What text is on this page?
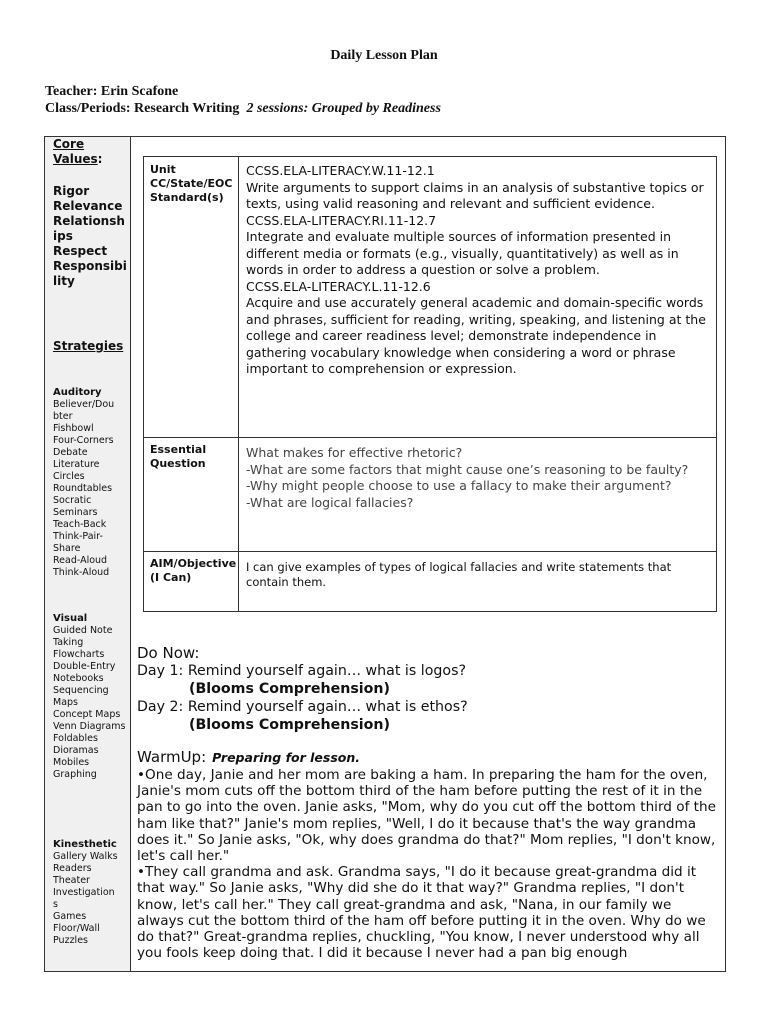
Daily Lesson Plan
Teacher: Erin Scafone
Class/Periods: Research Writing 2 sessions: Grouped by Readiness
Core Values:
Rigor
Relevance
Relationships
Respect
Responsibility
Strategies
Auditory
Believer/Dou
bter
Fishbowl
Four-Corners
Debate
Literature Circles
Roundtables
Socratic Seminars
Teach-Back
Think-Pair-Share
Read-Aloud
Think-Aloud
Visual
Guided Note Taking
Flowcharts
Double-Entry Notebooks
Sequencing Maps
Concept Maps
Venn Diagrams
Foldables
Dioramas
Mobiles
Graphing
Kinesthetic
Gallery Walks
Readers Theater
Investigation
s
Games
Floor/Wall Puzzles
Unit CC/State/EOC Standard(s)
CCSS.ELA-LITERACY.W.11-12.1
Write arguments to support claims in an analysis of substantive topics or texts, using valid reasoning and relevant and sufficient evidence.
CCSS.ELA-LITERACY.RI.11-12.7
Integrate and evaluate multiple sources of information presented in different media or formats (e.g., visually, quantitatively) as well as in words in order to address a question or solve a problem.
CCSS.ELA-LITERACY.L.11-12.6
Acquire and use accurately general academic and domain-specific words and phrases, sufficient for reading, writing, speaking, and listening at the college and career readiness level; demonstrate independence in gathering vocabulary knowledge when considering a word or phrase important to comprehension or expression.
Essential Question
What makes for effective rhetoric?
-What are some factors that might cause one’s reasoning to be faulty?
-Why might people choose to use a fallacy to make their argument?
-What are logical fallacies?
AIM/Objective (I Can)
I can give examples of types of logical fallacies and write statements that contain them.
Do Now:
Day 1: Remind yourself again… what is logos?
(Blooms Comprehension)
Day 2: Remind yourself again… what is ethos?
(Blooms Comprehension)
WarmUp: Preparing for lesson.
•One day, Janie and her mom are baking a ham. In preparing the ham for the oven, Janie's mom cuts off the bottom third of the ham before putting the rest of it in the pan to go into the oven. Janie asks, "Mom, why do you cut off the bottom third of the ham like that?" Janie's mom replies, "Well, I do it because that's the way grandma does it." So Janie asks, "Ok, why does grandma do that?" Mom replies, "I don't know, let's call her."
•They call grandma and ask. Grandma says, "I do it because great-grandma did it that way." So Janie asks, "Why did she do it that way?" Grandma replies, "I don't know, let's call her." They call great-grandma and ask, "Nana, in our family we always cut the bottom third of the ham off before putting it in the oven. Why do we do that?" Great-grandma replies, chuckling, "You know, I never understood why all you fools keep doing that. I did it because I never had a pan big enough
